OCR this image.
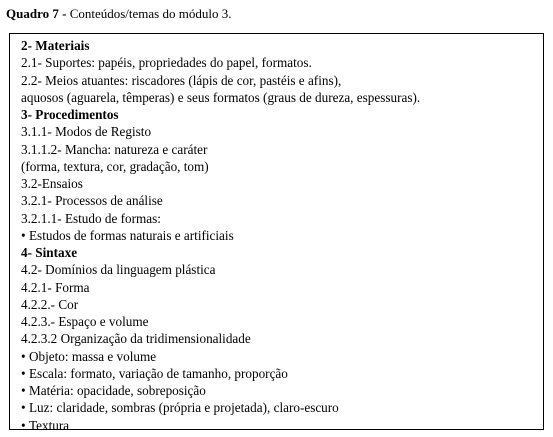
Quadro 7 - Conteúdos/temas do módulo 3.
2- Materiais
2.1- Suportes: papéis, propriedades do papel, formatos.
2.2- Meios atuantes: riscadores (lápis de cor, pastéis e afins),
aquosos (aguarela, têmperas) e seus formatos (graus de dureza, espessuras).
3- Procedimentos
3.1.1- Modos de Registo
3.1.1.2- Mancha: natureza e caráter
(forma, textura, cor, gradação, tom)
3.2-Ensaios
3.2.1- Processos de análise
3.2.1.1- Estudo de formas:
• Estudos de formas naturais e artificiais
4- Sintaxe
4.2- Domínios da linguagem plástica
4.2.1- Forma
4.2.2.- Cor
4.2.3.- Espaço e volume
4.2.3.2 Organização da tridimensionalidade
• Objeto: massa e volume
• Escala: formato, variação de tamanho, proporção
• Matéria: opacidade, sobreposição
• Luz: claridade, sombras (própria e projetada), claro-escuro
• Textura
